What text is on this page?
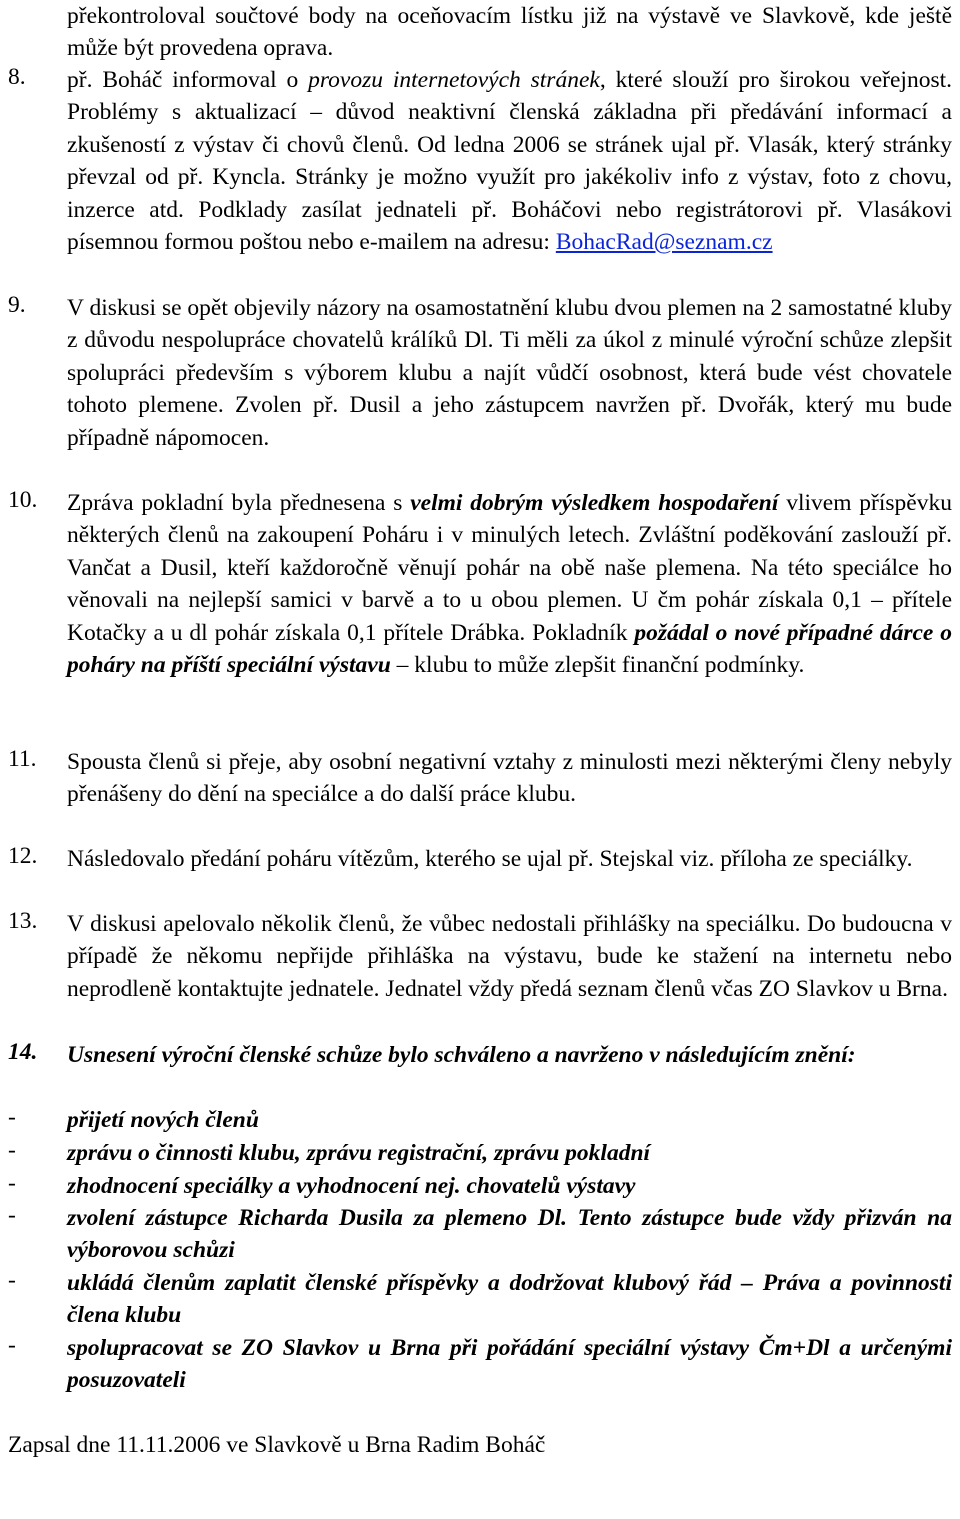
překontroloval součtové body na oceňovacím lístku již na výstavě ve Slavkově, kde ještě může být provedena oprava.
8.	př. Boháč informoval o provozu internetových stránek, které slouží pro širokou veřejnost. Problémy s aktualizací – důvod neaktivní členská základna při předávání informací a zkušeností z výstav či chovů členů. Od ledna 2006 se stránek ujal př. Vlasák, který stránky převzal od př. Kyncla. Stránky je možno využít pro jakékoliv info z výstav, foto z chovu, inzerce atd. Podklady zasílat jednateli př. Boháčovi nebo registrátorovi př. Vlasákovi písemnou formou poštou nebo e-mailem na adresu: BohacRad@seznam.cz
9.	V diskusi se opět objevily názory na osamostatnění klubu dvou plemen na 2 samostatné kluby z důvodu nespolupráce chovatelů králíků Dl. Ti měli za úkol z minulé výroční schůze zlepšit spolupráci především s výborem klubu a najít vůdčí osobnost, která bude vést chovatele tohoto plemene. Zvolen př. Dusil a jeho zástupcem navržen př. Dvořák, který mu bude případně nápomocen.
10.	Zpráva pokladní byla přednesena s velmi dobrým výsledkem hospodaření vlivem příspěvku některých členů na zakoupení Poháru i v minulých letech. Zvláštní poděkování zaslouží př. Vančat a Dusil, kteří každoročně věnují pohár na obě naše plemena. Na této speciálce ho věnovali na nejlepší samici v barvě a to u obou plemen. U čm pohár získala 0,1 – přítele Kotačky a u dl pohár získala 0,1 přítele Drábka. Pokladník požádal o nové případné dárce o poháry na příští speciální výstavu – klubu to může zlepšit finanční podmínky.
11.	Spousta členů si přeje, aby osobní negativní vztahy z minulosti mezi některými členy nebyly přenášeny do dění na speciálce a do další práce klubu.
12.	Následovalo předání poháru vítězům, kterého se ujal př. Stejskal viz. příloha ze speciálky.
13.	V diskusi apelovalo několik členů, že vůbec nedostali přihlášky na speciálku. Do budoucna v případě že někomu nepřijde přihláška na výstavu, bude ke stažení na internetu nebo neprodleně kontaktujte jednatele. Jednatel vždy předá seznam členů včas ZO Slavkov u Brna.
14.	Usnesení výroční členské schůze bylo schváleno a navrženo v následujícím znění:
-	přijetí nových členů
-	zprávu o činnosti klubu, zprávu registrační, zprávu pokladní
-	zhodnocení speciálky a vyhodnocení nej. chovatelů výstavy
-	zvolení zástupce Richarda Dusila za plemeno Dl. Tento zástupce bude vždy přizván na výborovou schůzi
-	ukládá členům zaplatit členské příspěvky a dodržovat klubový řád – Práva a povinnosti člena klubu
-	spolupracovat se ZO Slavkov u Brna při pořádání speciální výstavy Čm+Dl a určenými posuzovateli
Zapsal dne 11.11.2006 ve Slavkově u Brna Radim Boháč
